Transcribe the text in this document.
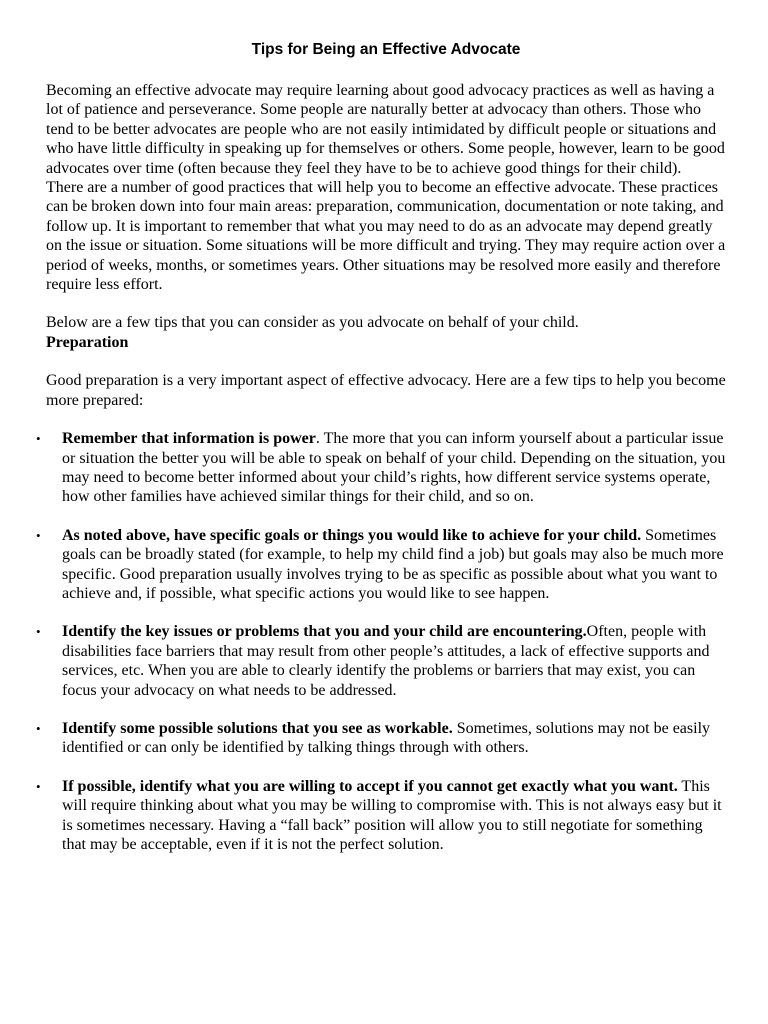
Tips for Being an Effective Advocate

Becoming an effective advocate may require learning about good advocacy practices as well as having a lot of patience and perseverance. Some people are naturally better at advocacy than others. Those who tend to be better advocates are people who are not easily intimidated by difficult people or situations and who have little difficulty in speaking up for themselves or others. Some people, however, learn to be good advocates over time (often because they feel they have to be to achieve good things for their child).

There are a number of good practices that will help you to become an effective advocate. These practices can be broken down into four main areas: preparation, communication, documentation or note taking, and follow up. It is important to remember that what you may need to do as an advocate may depend greatly on the issue or situation. Some situations will be more difficult and trying. They may require action over a period of weeks, months, or sometimes years. Other situations may be resolved more easily and therefore require less effort.

Below are a few tips that you can consider as you advocate on behalf of your child.

Preparation

Good preparation is a very important aspect of effective advocacy. Here are a few tips to help you become more prepared:

•	Remember that information is power. The more that you can inform yourself about a particular issue or situation the better you will be able to speak on behalf of your child. Depending on the situation, you may need to become better informed about your child’s rights, how different service systems operate, how other families have achieved similar things for their child, and so on.
•	As noted above, have specific goals or things you would like to achieve for your child. Sometimes goals can be broadly stated (for example, to help my child find a job) but goals may also be much more specific. Good preparation usually involves trying to be as specific as possible about what you want to achieve and, if possible, what specific actions you would like to see happen.
•	Identify the key issues or problems that you and your child are encountering.Often, people with disabilities face barriers that may result from other people’s attitudes, a lack of effective supports and services, etc. When you are able to clearly identify the problems or barriers that may exist, you can focus your advocacy on what needs to be addressed.
•	Identify some possible solutions that you see as workable. Sometimes, solutions may not be easily identified or can only be identified by talking things through with others.
•	If possible, identify what you are willing to accept if you cannot get exactly what you want. This will require thinking about what you may be willing to compromise with. This is not always easy but it is sometimes necessary. Having a “fall back” position will allow you to still negotiate for something that may be acceptable, even if it is not the perfect solution.
